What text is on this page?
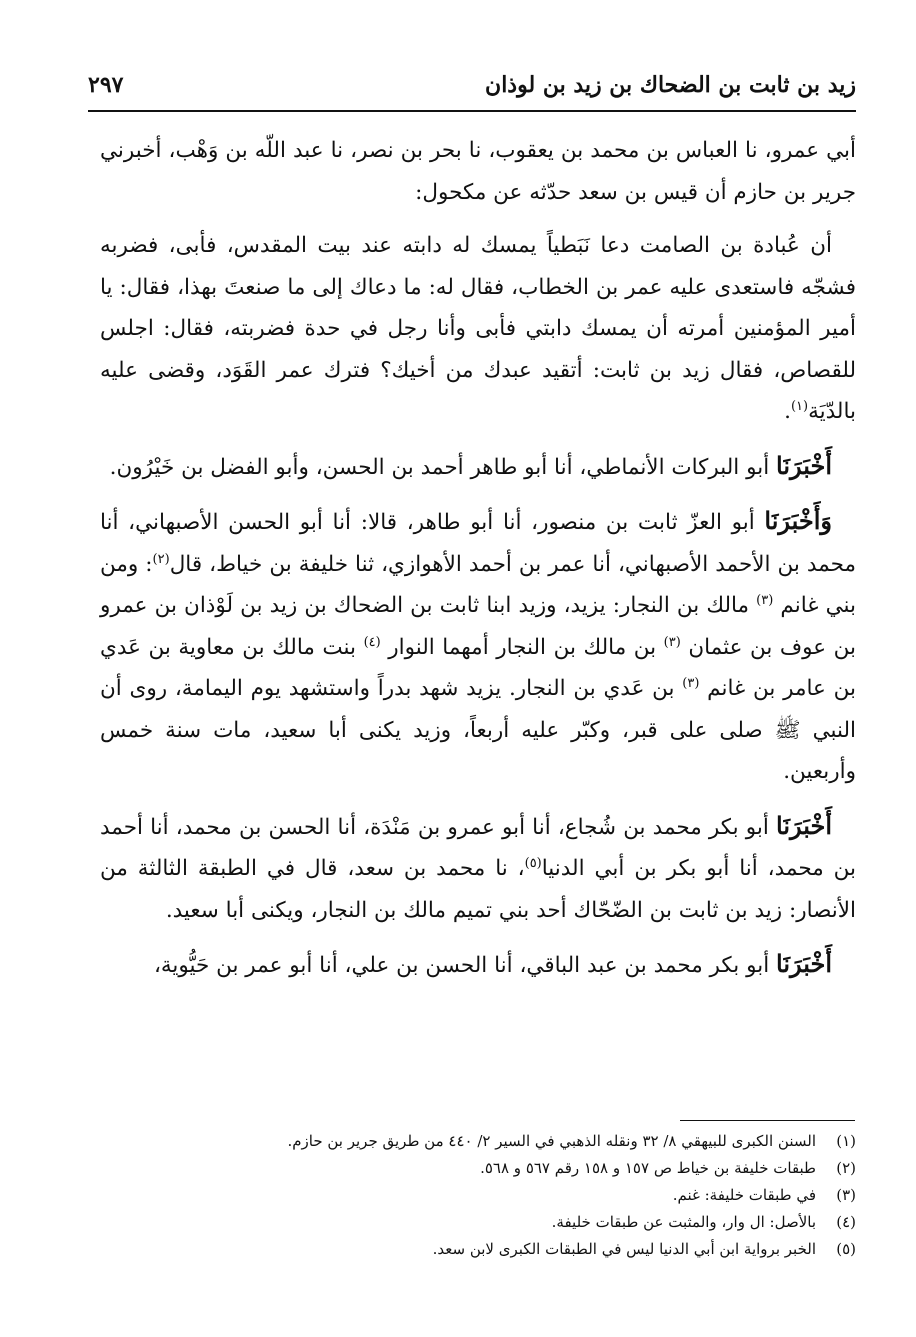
زيد بن ثابت بن الضحاك بن زيد بن لوذان
٢٩٧

أبي عمرو، نا العباس بن محمد بن يعقوب، نا بحر بن نصر، نا عبد اللّه بن وَهْب، أخبرني جرير بن حازم أن قيس بن سعد حدّثه عن مكحول:

أن عُبادة بن الصامت دعا نَبَطياً يمسك له دابته عند بيت المقدس، فأبى، فضربه فشجّه فاستعدى عليه عمر بن الخطاب، فقال له: ما دعاك إلى ما صنعتَ بهذا، فقال: يا أمير المؤمنين أمرته أن يمسك دابتي فأبى وأنا رجل في حدة فضربته، فقال: اجلس للقصاص، فقال زيد بن ثابت: أتقيد عبدك من أخيك؟ فترك عمر القَوَد، وقضى عليه بالدّيَة$^{(١)}$.

أَخْبَرَنَا أبو البركات الأنماطي، أنا أبو طاهر أحمد بن الحسن، وأبو الفضل بن خَيْرُون.

وَأَخْبَرَنَا أبو العزّ ثابت بن منصور، أنا أبو طاهر، قالا: أنا أبو الحسن الأصبهاني، أنا محمد بن الأحمد الأصبهاني، أنا عمر بن أحمد الأهوازي، ثنا خليفة بن خياط، قال$^{(٢)}$: ومن بني غانم $^{(٣)}$ مالك بن النجار: يزيد، وزيد ابنا ثابت بن الضحاك بن زيد بن لَوْذان بن عمرو بن عوف بن عثمان $^{(٣)}$ بن مالك بن النجار أمهما النوار $^{(٤)}$ بنت مالك بن معاوية بن عَدي بن عامر بن غانم $^{(٣)}$ بن عَدي بن النجار. يزيد شهد بدراً واستشهد يوم اليمامة، روى أن النبي ﷺ صلى على قبر، وكبّر عليه أربعاً، وزيد يكنى أبا سعيد، مات سنة خمس وأربعين.

أَخْبَرَنَا أبو بكر محمد بن شُجاع، أنا أبو عمرو بن مَنْدَة، أنا الحسن بن محمد، أنا أحمد بن محمد، أنا أبو بكر بن أبي الدنيا$^{(٥)}$، نا محمد بن سعد، قال في الطبقة الثالثة من الأنصار: زيد بن ثابت بن الضّحّاك أحد بني تميم مالك بن النجار، ويكنى أبا سعيد.

أَخْبَرَنَا أبو بكر محمد بن عبد الباقي، أنا الحسن بن علي، أنا أبو عمر بن حَيُّوية،

(١)
السنن الكبرى للبيهقي ٨/ ٣٢ ونقله الذهبي في السير ٢/ ٤٤٠ من طريق جرير بن حازم.
(٢)
طبقات خليفة بن خياط ص ١٥٧ و ١٥٨ رقم ٥٦٧ و ٥٦٨.
(٣)
في طبقات خليفة: غنم.
(٤)
بالأصل: ال وار، والمثبت عن طبقات خليفة.
(٥)
الخبر برواية ابن أبي الدنيا ليس في الطبقات الكبرى لابن سعد.
